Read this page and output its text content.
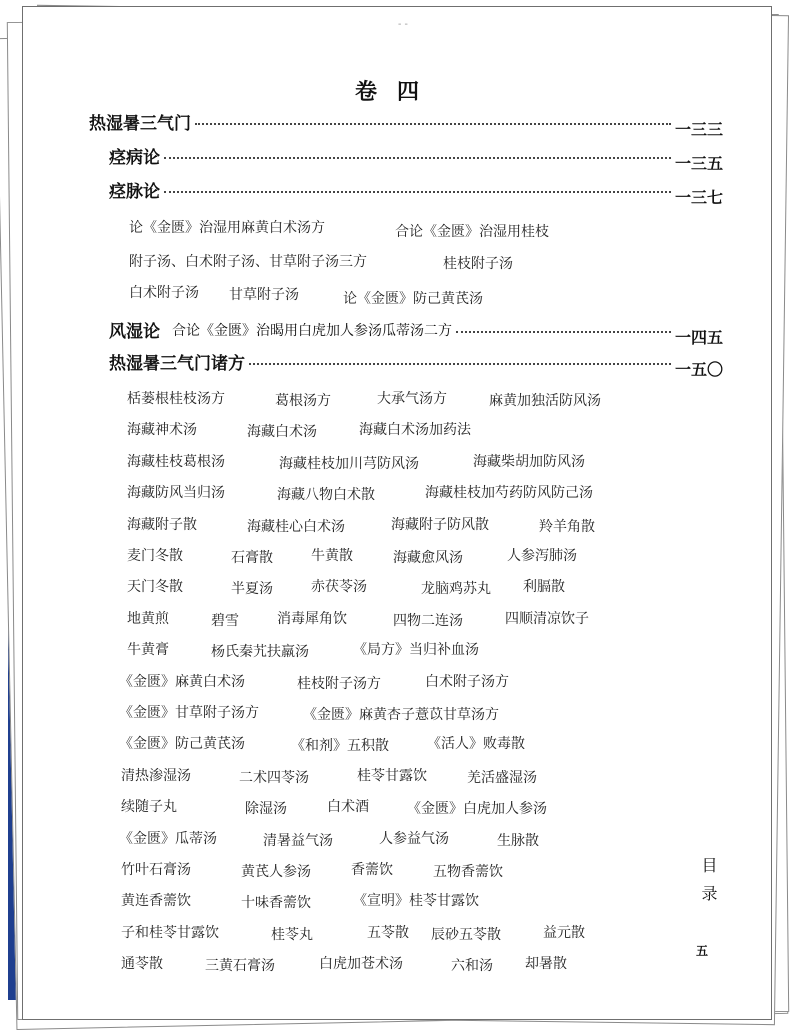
- -
卷四
热湿暑三气门	一三三
痉病论	一三五
痉脉论	一三七
论《金匮》治湿用麻黄白术汤方	合论《金匮》治湿用桂枝
附子汤、白术附子汤、甘草附子汤三方	桂枝附子汤
白术附子汤 甘草附子汤	论《金匮》防己黄芪汤
风湿论 合论《金匮》治暍用白虎加人参汤瓜蒂汤二方	一四五
热湿暑三气门诸方	一五〇
栝蒌根桂枝汤方	葛根汤方	大承气汤方	麻黄加独活防风汤
海藏神术汤	海藏白术汤	海藏白术汤加药法
海藏桂枝葛根汤	海藏桂枝加川芎防风汤	海藏柴胡加防风汤
海藏防风当归汤	海藏八物白术散	海藏桂枝加芍药防风防己汤
海藏附子散	海藏桂心白术汤	海藏附子防风散	羚羊角散
麦门冬散	石膏散	牛黄散	海藏愈风汤	人参泻肺汤
天门冬散	半夏汤	赤茯苓汤	龙脑鸡苏丸 利膈散
地黄煎	碧雪	消毒犀角饮	四物二连汤	四顺清凉饮子
牛黄膏	杨氏秦艽扶羸汤	《局方》当归补血汤
《金匮》麻黄白术汤	桂枝附子汤方	白术附子汤方
《金匮》甘草附子汤方	《金匮》麻黄杏子薏苡甘草汤方
《金匮》防己黄芪汤	《和剂》五积散	《活人》败毒散
清热渗湿汤	二术四苓汤	桂苓甘露饮	羌活盛湿汤
续随子丸	除湿汤	白术酒	《金匮》白虎加人参汤
《金匮》瓜蒂汤	清暑益气汤	人参益气汤	生脉散
竹叶石膏汤	黄芪人参汤	香薷饮	五物香薷饮
黄连香薷饮	十味香薷饮	《宣明》桂苓甘露饮
子和桂苓甘露饮	桂苓丸	五苓散 辰砂五苓散	益元散
通苓散	三黄石膏汤	白虎加苍术汤	六和汤 却暑散
目录
五
